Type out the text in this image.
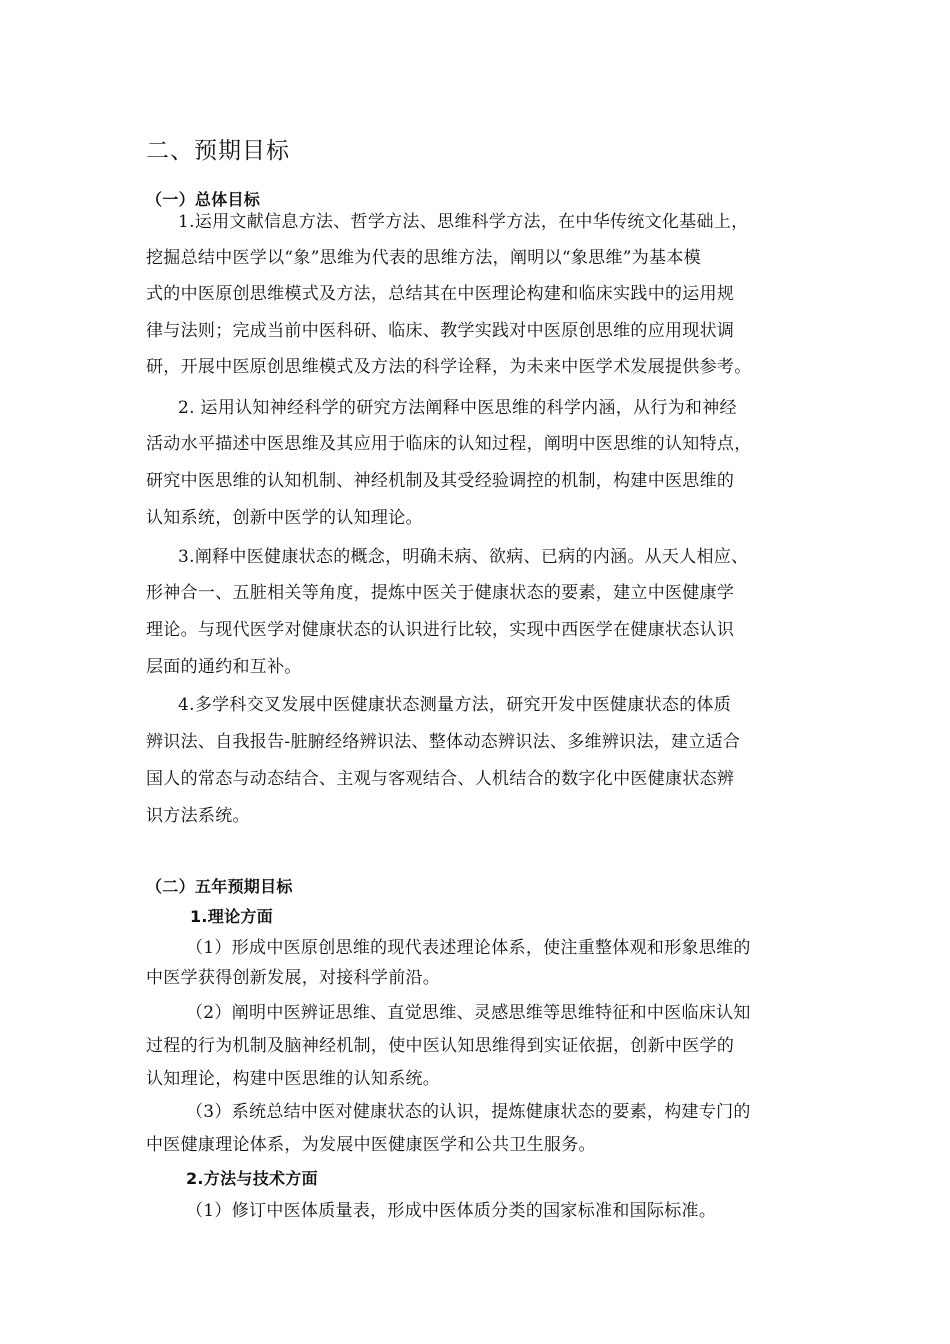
二、预期目标
（一）总体目标
1.运用文献信息方法、哲学方法、思维科学方法，在中华传统文化基础上，
挖掘总结中医学以“象”思维为代表的思维方法，阐明以“象思维”为基本模
式的中医原创思维模式及方法，总结其在中医理论构建和临床实践中的运用规
律与法则；完成当前中医科研、临床、教学实践对中医原创思维的应用现状调
研，开展中医原创思维模式及方法的科学诠释，为未来中医学术发展提供参考。
2. 运用认知神经科学的研究方法阐释中医思维的科学内涵，从行为和神经
活动水平描述中医思维及其应用于临床的认知过程，阐明中医思维的认知特点，
研究中医思维的认知机制、神经机制及其受经验调控的机制，构建中医思维的
认知系统，创新中医学的认知理论。
3.阐释中医健康状态的概念，明确未病、欲病、已病的内涵。从天人相应、
形神合一、五脏相关等角度，提炼中医关于健康状态的要素，建立中医健康学
理论。与现代医学对健康状态的认识进行比较，实现中西医学在健康状态认识
层面的通约和互补。
4.多学科交叉发展中医健康状态测量方法，研究开发中医健康状态的体质
辨识法、自我报告-脏腑经络辨识法、整体动态辨识法、多维辨识法，建立适合
国人的常态与动态结合、主观与客观结合、人机结合的数字化中医健康状态辨
识方法系统。
（二）五年预期目标
1.理论方面
（1）形成中医原创思维的现代表述理论体系，使注重整体观和形象思维的
中医学获得创新发展，对接科学前沿。
（2）阐明中医辨证思维、直觉思维、灵感思维等思维特征和中医临床认知
过程的行为机制及脑神经机制，使中医认知思维得到实证依据，创新中医学的
认知理论，构建中医思维的认知系统。
（3）系统总结中医对健康状态的认识，提炼健康状态的要素，构建专门的
中医健康理论体系，为发展中医健康医学和公共卫生服务。
2.方法与技术方面
（1）修订中医体质量表，形成中医体质分类的国家标准和国际标准。
